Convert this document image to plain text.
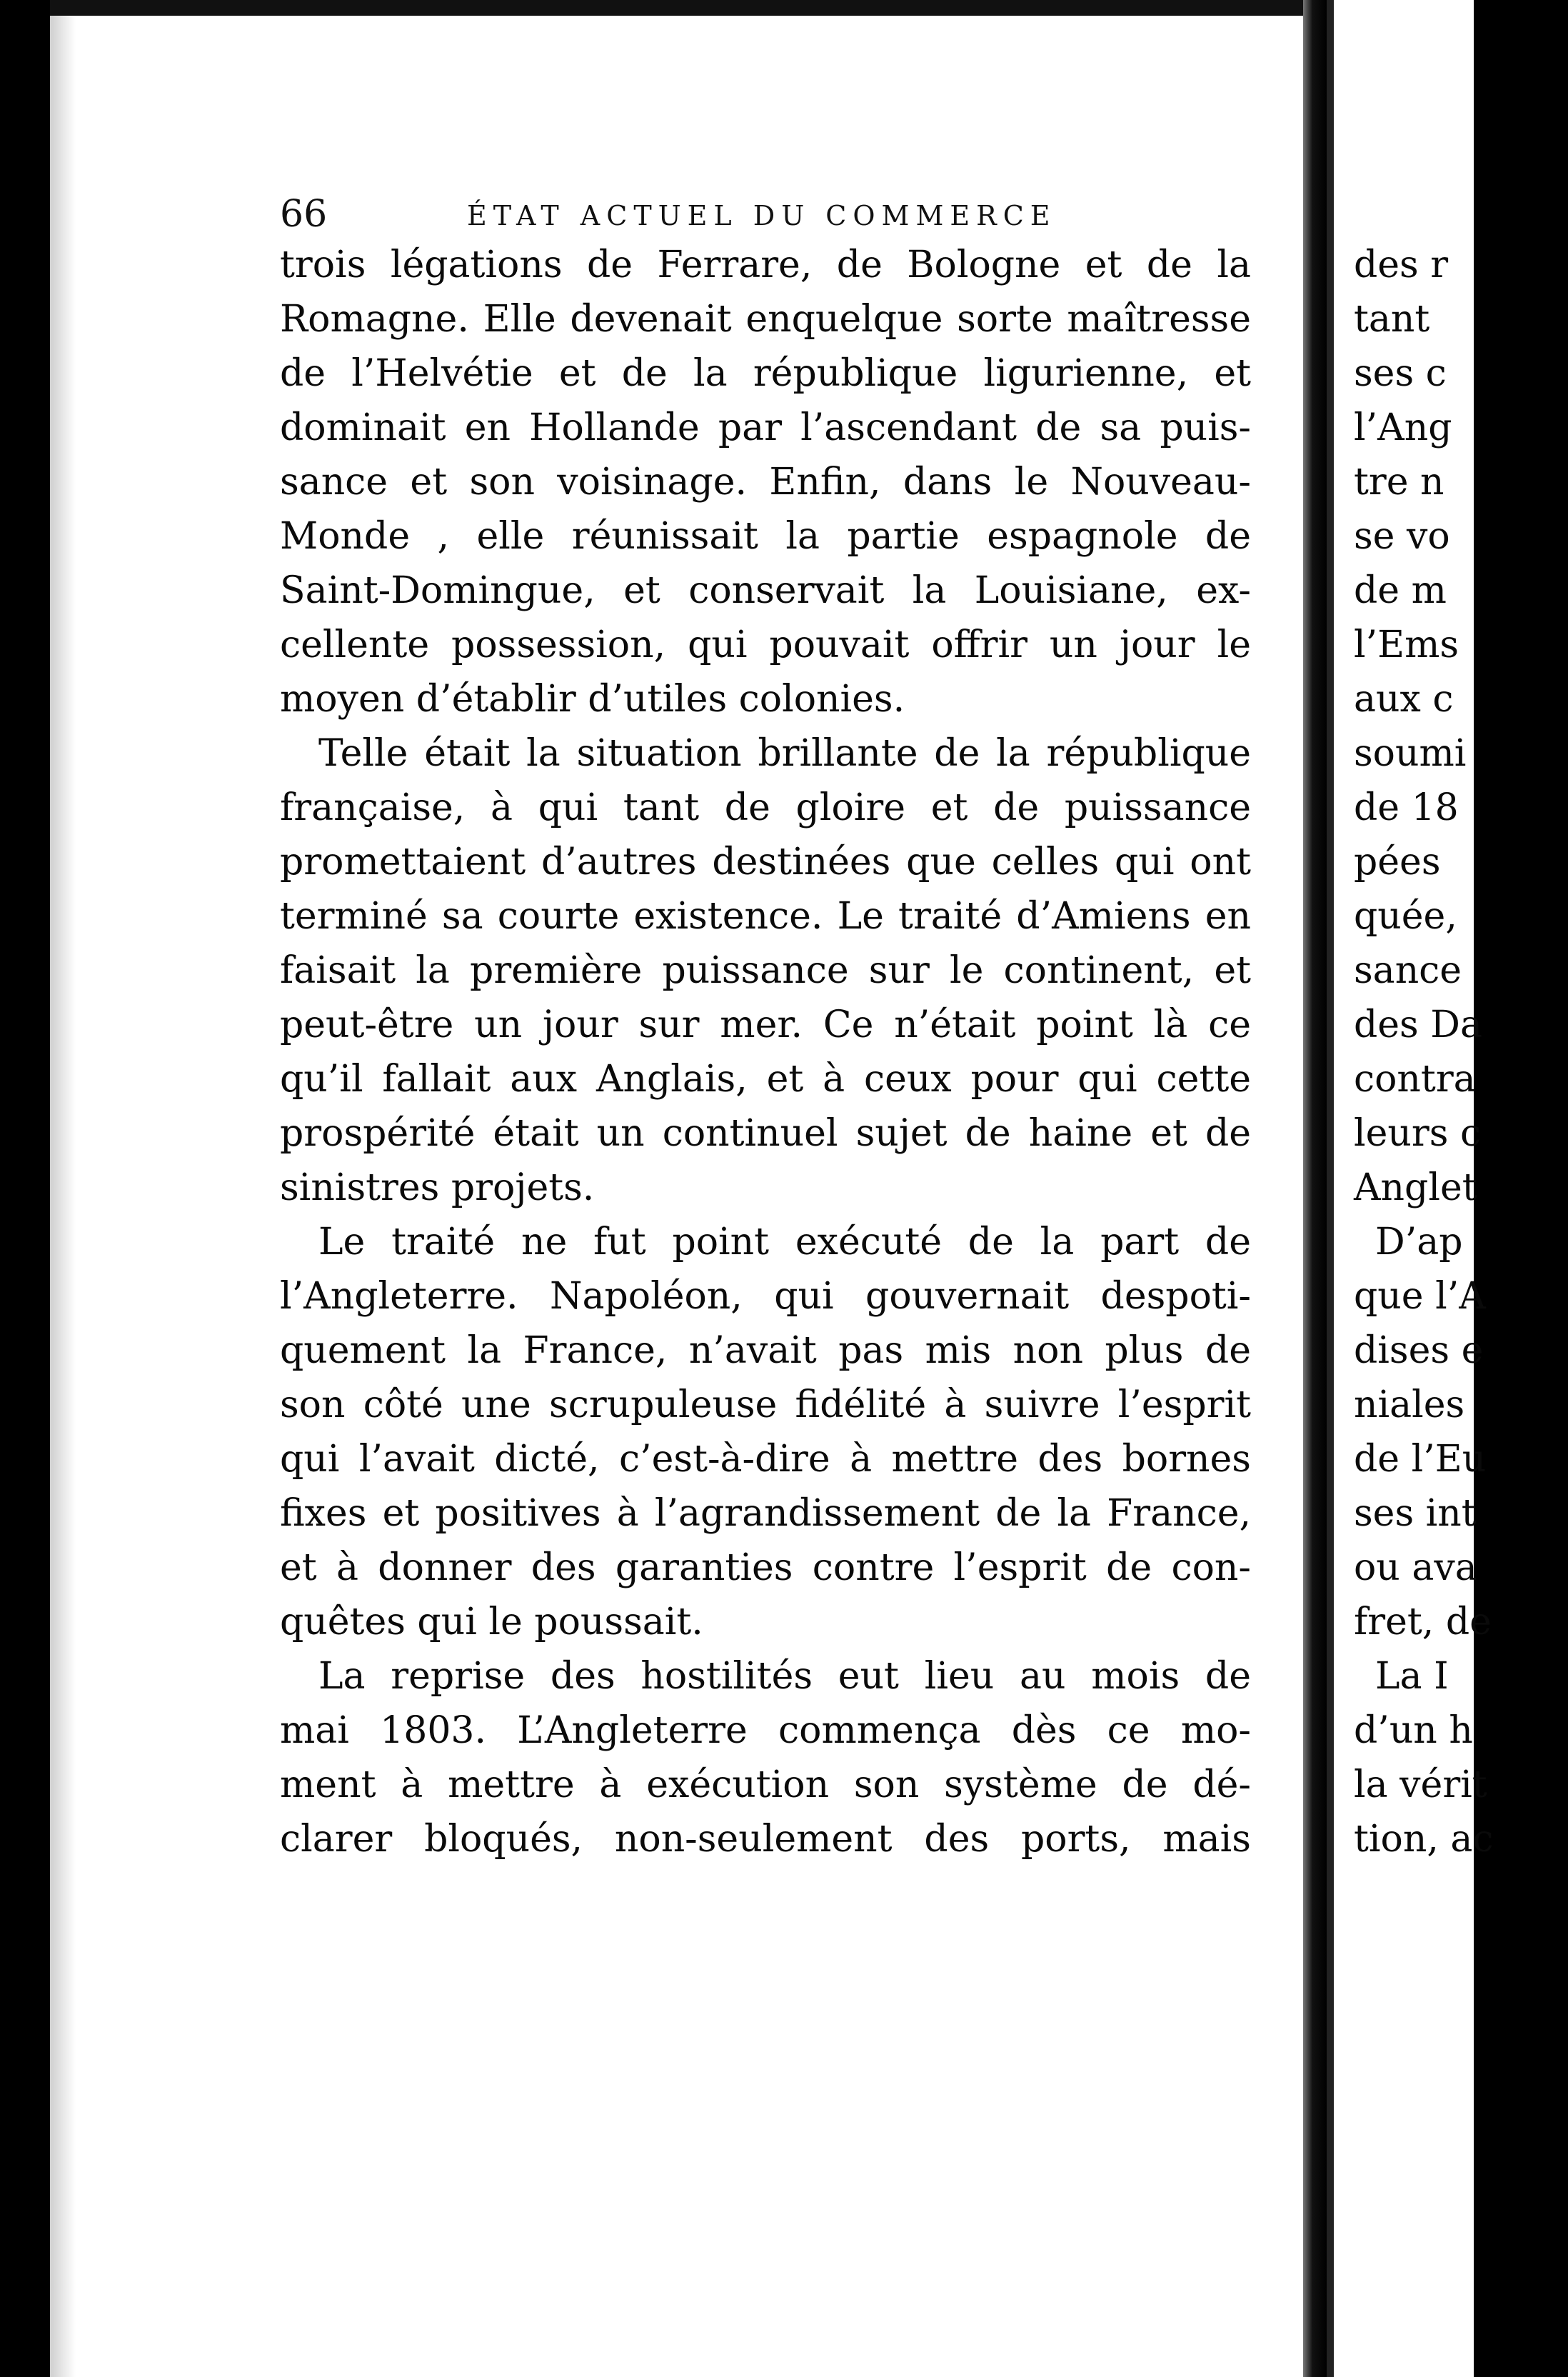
des r
tant
ses c
l’Ang
tre n
se vo
de m
l’Ems
aux c
soumi
de 18
pées
quée,
sance
des Da
contra
leurs c
Anglet
D’ap
que l’A
dises e
niales
de l’Eu
ses int
ou ava
fret, de
La I
d’un h
la vérit
tion, ac
66	ÉTAT ACTUEL DU COMMERCE
trois légations de Ferrare, de Bologne et de la
Romagne. Elle devenait enquelque sorte maîtresse
de l’Helvétie et de la république ligurienne, et
dominait en Hollande par l’ascendant de sa puis-
sance et son voisinage. Enfin, dans le Nouveau-
Monde , elle réunissait la partie espagnole de
Saint-Domingue, et conservait la Louisiane, ex-
cellente possession, qui pouvait offrir un jour le
moyen d’établir d’utiles colonies.
Telle était la situation brillante de la république
française, à qui tant de gloire et de puissance
promettaient d’autres destinées que celles qui ont
terminé sa courte existence. Le traité d’Amiens en
faisait la première puissance sur le continent, et
peut-être un jour sur mer. Ce n’était point là ce
qu’il fallait aux Anglais, et à ceux pour qui cette
prospérité était un continuel sujet de haine et de
sinistres projets.
Le traité ne fut point exécuté de la part de
l’Angleterre. Napoléon, qui gouvernait despoti-
quement la France, n’avait pas mis non plus de
son côté une scrupuleuse fidélité à suivre l’esprit
qui l’avait dicté, c’est-à-dire à mettre des bornes
fixes et positives à l’agrandissement de la France,
et à donner des garanties contre l’esprit de con-
quêtes qui le poussait.
La reprise des hostilités eut lieu au mois de
mai 1803. L’Angleterre commença dès ce mo-
ment à mettre à exécution son système de dé-
clarer bloqués, non-seulement des ports, mais
